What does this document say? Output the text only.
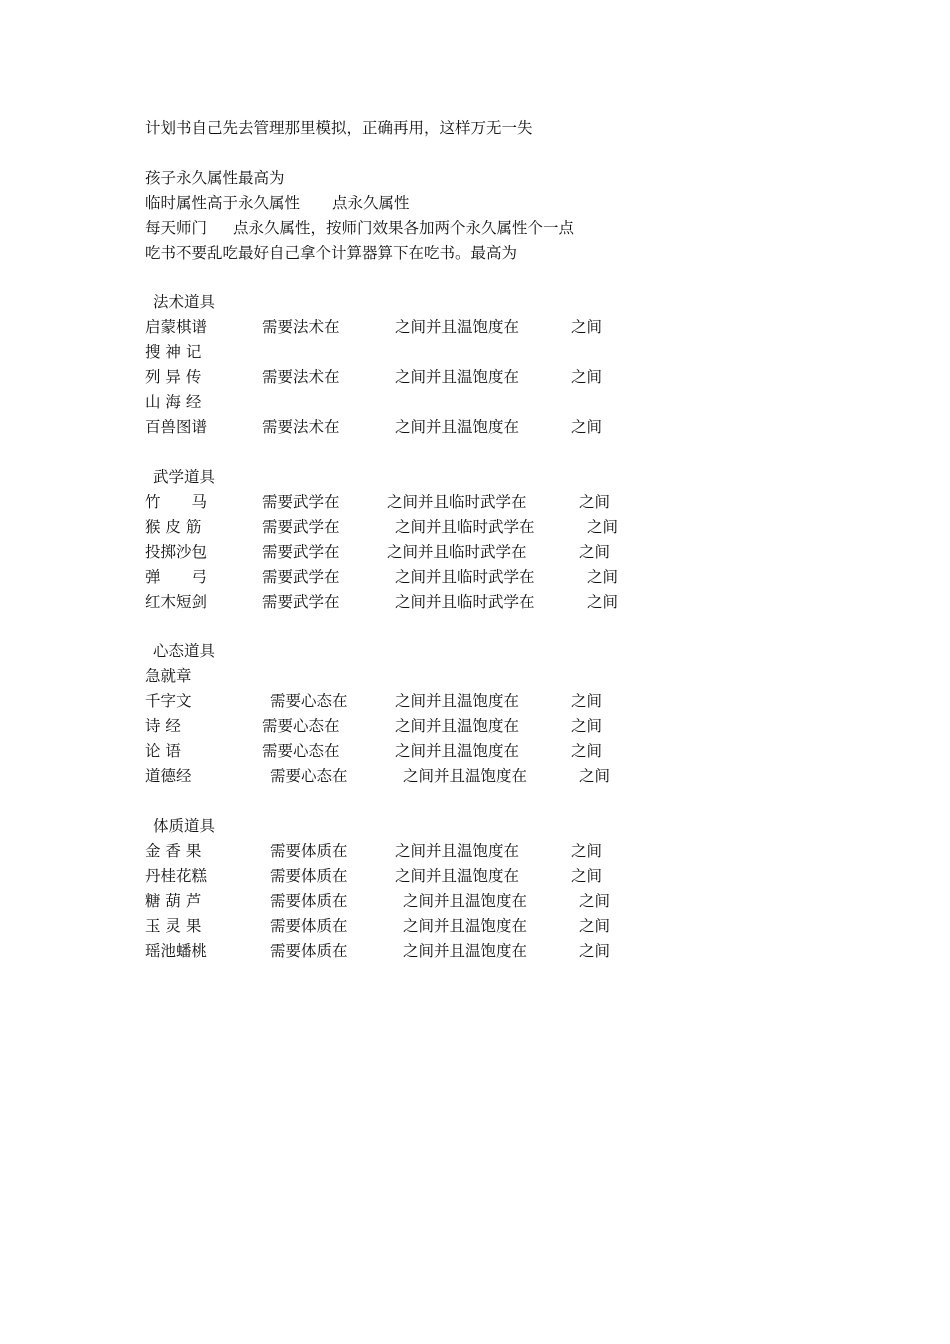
计划书自己先去管理那里模拟，正确再用，这样万无一失

孩子永久属性最高为

临时属性高于永久属性 点永久属性

每天师门 点永久属性，按师门效果各加两个永久属性个一点

吃书不要乱吃最好自己拿个计算器算下在吃书。最高为

法术道具

启蒙棋谱	需要法术在	之间并且温饱度在	之间
搜 神 记
列 异 传	需要法术在	之间并且温饱度在	之间
山 海 经
百兽图谱	需要法术在	之间并且温饱度在	之间

武学道具

竹　　马	需要武学在	之间并且临时武学在	之间
猴 皮 筋	需要武学在	之间并且临时武学在	之间
投掷沙包	需要武学在	之间并且临时武学在	之间
弹　　弓	需要武学在	之间并且临时武学在	之间
红木短剑	需要武学在	之间并且临时武学在	之间

心态道具

急就章
千字文	需要心态在	之间并且温饱度在	之间
诗 经	需要心态在	之间并且温饱度在	之间
论 语	需要心态在	之间并且温饱度在	之间
道德经	需要心态在	之间并且温饱度在	之间

体质道具

金 香 果	需要体质在	之间并且温饱度在	之间
丹桂花糕	需要体质在	之间并且温饱度在	之间
糖 葫 芦	需要体质在	之间并且温饱度在	之间
玉 灵 果	需要体质在	之间并且温饱度在	之间
瑶池蟠桃	需要体质在	之间并且温饱度在	之间
